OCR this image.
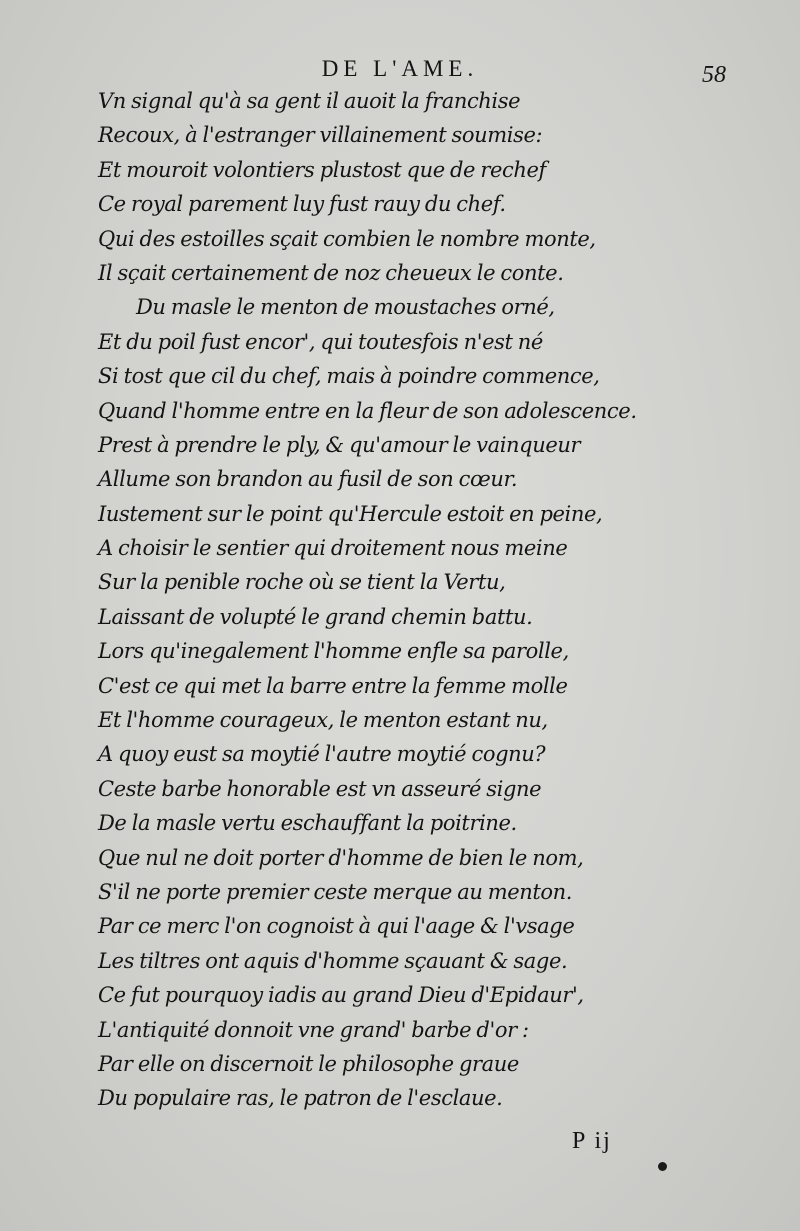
DE L'AME.	58
Vn signal qu'à sa gent il auoit la franchise
Recoux, à l'estranger villainement soumise:
Et mouroit volontiers plustost que de rechef
Ce royal parement luy fust rauy du chef.
Qui des estoilles sçait combien le nombre monte,
Il sçait certainement de noz cheueux le conte.
Du masle le menton de moustaches orné,
Et du poil fust encor', qui toutesfois n'est né
Si tost que cil du chef, mais à poindre commence,
Quand l'homme entre en la fleur de son adolescence.
Prest à prendre le ply, & qu'amour le vainqueur
Allume son brandon au fusil de son cœur.
Iustement sur le point qu'Hercule estoit en peine,
A choisir le sentier qui droitement nous meine
Sur la penible roche où se tient la Vertu,
Laissant de volupté le grand chemin battu.
Lors qu'inegalement l'homme enfle sa parolle,
C'est ce qui met la barre entre la femme molle
Et l'homme courageux, le menton estant nu,
A quoy eust sa moytié l'autre moytié cognu?
Ceste barbe honorable est vn asseuré signe
De la masle vertu eschauffant la poitrine.
Que nul ne doit porter d'homme de bien le nom,
S'il ne porte premier ceste merque au menton.
Par ce merc l'on cognoist à qui l'aage & l'vsage
Les tiltres ont aquis d'homme sçauant & sage.
Ce fut pourquoy iadis au grand Dieu d'Epidaur',
L'antiquité donnoit vne grand' barbe d'or :
Par elle on discernoit le philosophe graue
Du populaire ras, le patron de l'esclaue.
P ij
